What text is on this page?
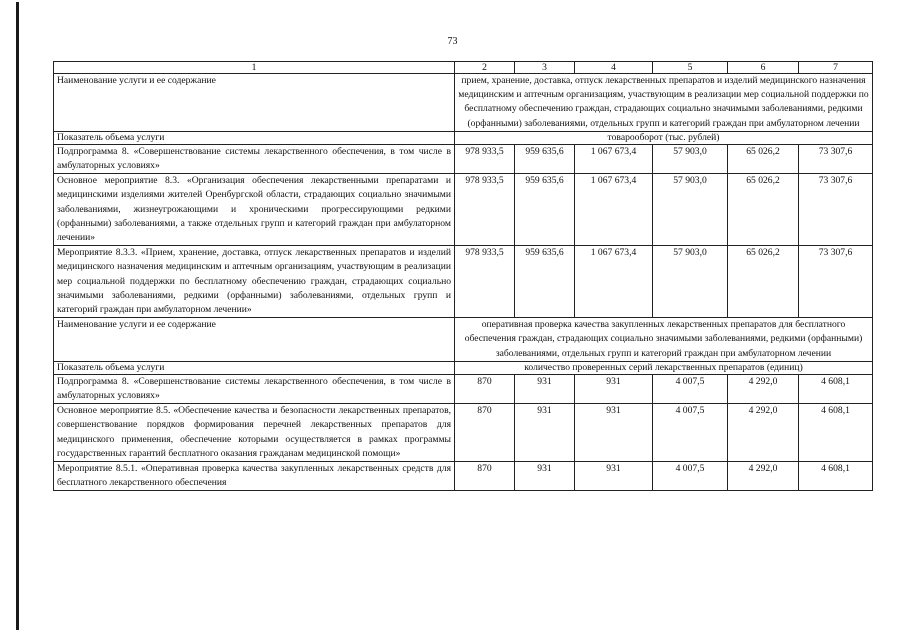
73
1	2	3	4	5	6	7
Наименование услуги и ее содержание	прием, хранение, доставка, отпуск лекарственных препаратов и изделий медицинского назначения медицинским и аптечным организациям, участвующим в реализации мер социальной поддержки по бесплатному обеспечению граждан, страдающих социально значимыми заболеваниями, редкими (орфанными) заболеваниями, отдельных групп и категорий граждан при амбулаторном лечении					
Показатель объема услуги	товарооборот (тыс. рублей)					
Подпрограмма 8. «Совершенствование системы лекарственного обеспечения, в том числе в амбулаторных условиях»	978 933,5	959 635,6	1 067 673,4	57 903,0	65 026,2	73 307,6
Основное мероприятие 8.3. «Организация обеспечения лекарственными препаратами и медицинскими изделиями жителей Оренбургской области, страдающих социально значимыми заболеваниями, жизнеугрожающими и хроническими прогрессирующими редкими (орфанными) заболеваниями, а также отдельных групп и категорий граждан при амбулаторном лечении»	978 933,5	959 635,6	1 067 673,4	57 903,0	65 026,2	73 307,6
Мероприятие 8.3.3. «Прием, хранение, доставка, отпуск лекарственных препаратов и изделий медицинского назначения медицинским и аптечным организациям, участвующим в реализации мер социальной поддержки по бесплатному обеспечению граждан, страдающих социально значимыми заболеваниями, редкими (орфанными) заболеваниями, отдельных групп и категорий граждан при амбулаторном лечении»	978 933,5	959 635,6	1 067 673,4	57 903,0	65 026,2	73 307,6
Наименование услуги и ее содержание	оперативная проверка качества закупленных лекарственных препаратов для бесплатного обеспечения граждан, страдающих социально значимыми заболеваниями, редкими (орфанными) заболеваниями, отдельных групп и категорий граждан при амбулаторном лечении					
Показатель объема услуги	количество проверенных серий лекарственных препаратов (единиц)					
Подпрограмма 8. «Совершенствование системы лекарственного обеспечения, в том числе в амбулаторных условиях»	870	931	931	4 007,5	4 292,0	4 608,1
Основное мероприятие 8.5. «Обеспечение качества и безопасности лекарственных препаратов, совершенствование порядков формирования перечней лекарственных препаратов для медицинского применения, обеспечение которыми осуществляется в рамках программы государственных гарантий бесплатного оказания гражданам медицинской помощи»	870	931	931	4 007,5	4 292,0	4 608,1
Мероприятие 8.5.1. «Оперативная проверка качества закупленных лекарственных средств для бесплатного лекарственного обеспечения	870	931	931	4 007,5	4 292,0	4 608,1
